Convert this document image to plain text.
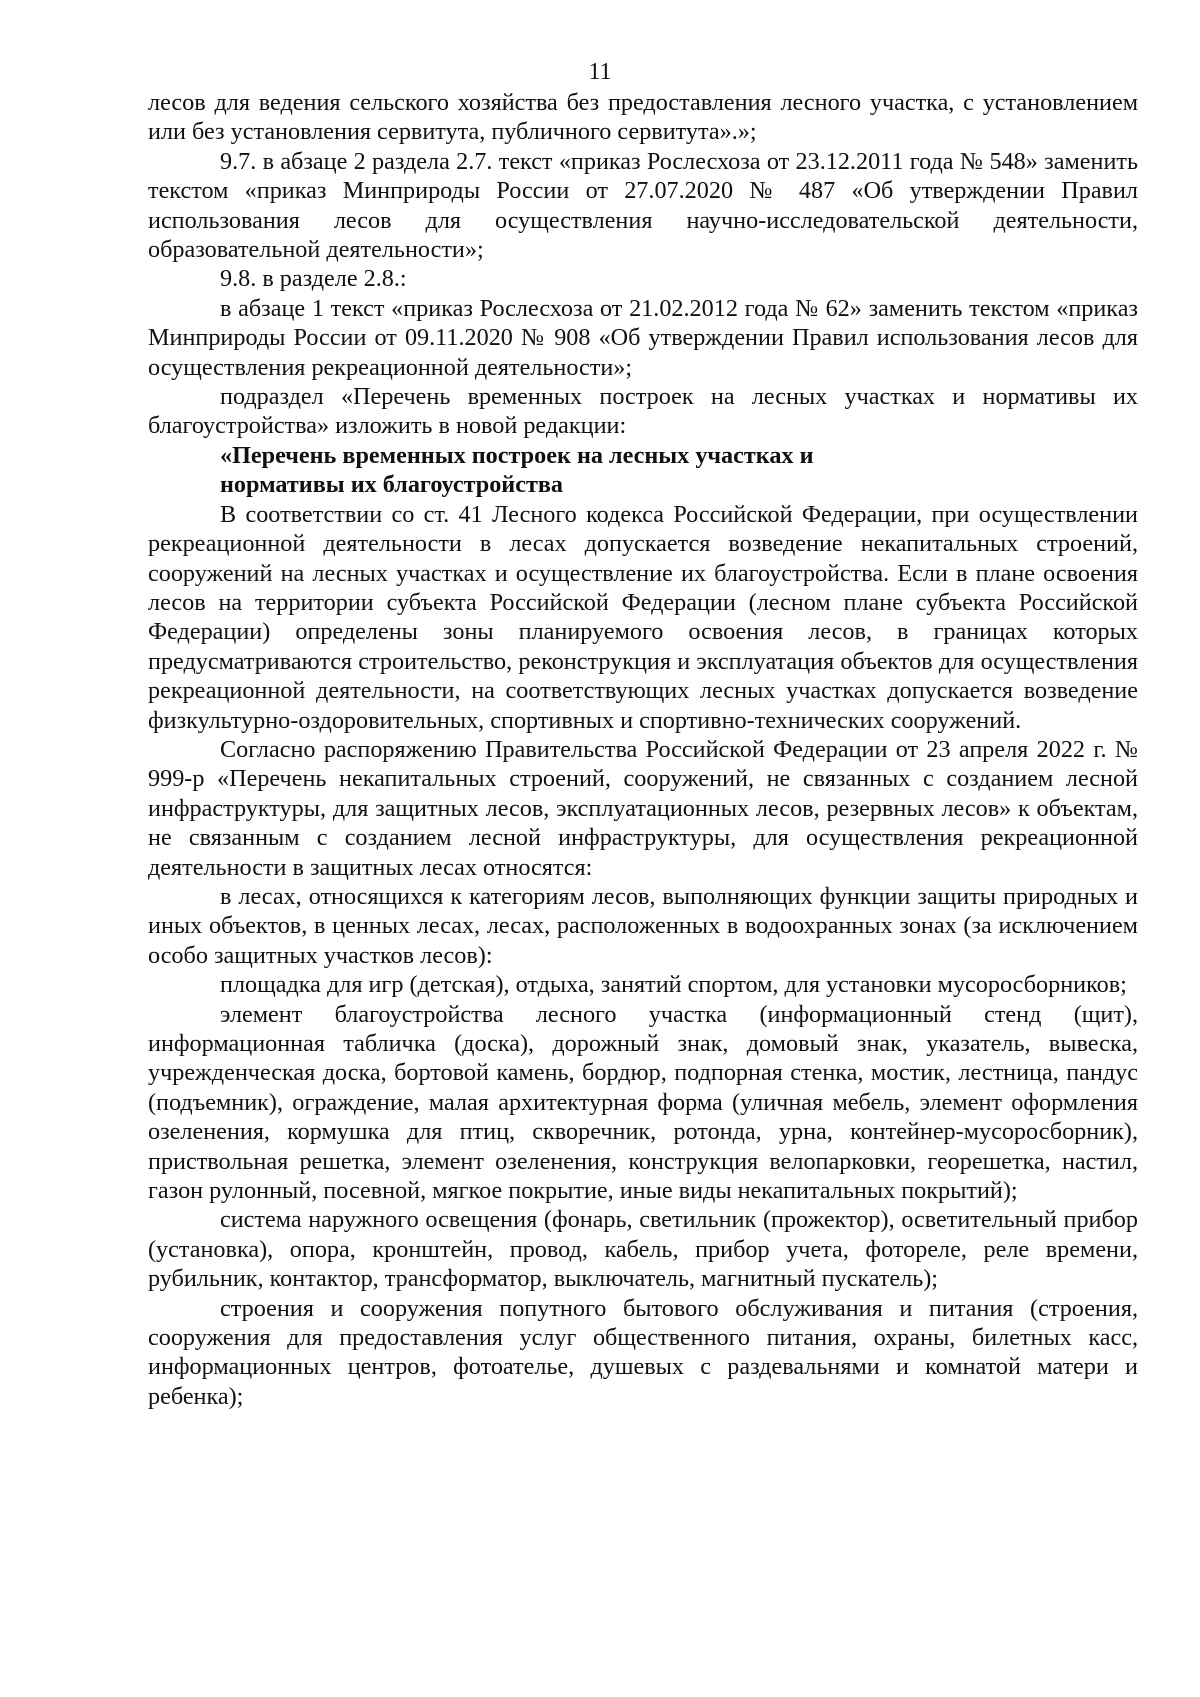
11

лесов для ведения сельского хозяйства без предоставления лесного участка, с установлением или без установления сервитута, публичного сервитута».»;

9.7. в абзаце 2 раздела 2.7. текст «приказ Рослесхоза от 23.12.2011 года № 548» заменить текстом «приказ Минприроды России от 27.07.2020 № 487 «Об утверждении Правил использования лесов для осуществления научно-исследовательской деятельности, образовательной деятельности»;

9.8. в разделе 2.8.:

в абзаце 1 текст «приказ Рослесхоза от 21.02.2012 года № 62» заменить текстом «приказ Минприроды России от 09.11.2020 № 908 «Об утверждении Правил использования лесов для осуществления рекреационной деятельности»;

подраздел «Перечень временных построек на лесных участках и нормативы их благоустройства» изложить в новой редакции:

«Перечень временных построек на лесных участках и
нормативы их благоустройства

В соответствии со ст. 41 Лесного кодекса Российской Федерации, при осуществлении рекреационной деятельности в лесах допускается возведение некапитальных строений, сооружений на лесных участках и осуществление их благоустройства. Если в плане освоения лесов на территории субъекта Российской Федерации (лесном плане субъекта Российской Федерации) определены зоны планируемого освоения лесов, в границах которых предусматриваются строительство, реконструкция и эксплуатация объектов для осуществления рекреационной деятельности, на соответствующих лесных участках допускается возведение физкультурно-оздоровительных, спортивных и спортивно-технических сооружений.

Согласно распоряжению Правительства Российской Федерации от 23 апреля 2022 г. № 999-р «Перечень некапитальных строений, сооружений, не связанных с созданием лесной инфраструктуры, для защитных лесов, эксплуатационных лесов, резервных лесов» к объектам, не связанным с созданием лесной инфраструктуры, для осуществления рекреационной деятельности в защитных лесах относятся:

в лесах, относящихся к категориям лесов, выполняющих функции защиты природных и иных объектов, в ценных лесах, лесах, расположенных в водоохранных зонах (за исключением особо защитных участков лесов):

площадка для игр (детская), отдыха, занятий спортом, для установки мусоросборников;

элемент благоустройства лесного участка (информационный стенд (щит), информационная табличка (доска), дорожный знак, домовый знак, указатель, вывеска, учрежденческая доска, бортовой камень, бордюр, подпорная стенка, мостик, лестница, пандус (подъемник), ограждение, малая архитектурная форма (уличная мебель, элемент оформления озеленения, кормушка для птиц, скворечник, ротонда, урна, контейнер-мусоросборник), приствольная решетка, элемент озеленения, конструкция велопарковки, георешетка, настил, газон рулонный, посевной, мягкое покрытие, иные виды некапитальных покрытий);

система наружного освещения (фонарь, светильник (прожектор), осветительный прибор (установка), опора, кронштейн, провод, кабель, прибор учета, фотореле, реле времени, рубильник, контактор, трансформатор, выключатель, магнитный пускатель);

строения и сооружения попутного бытового обслуживания и питания (строения, сооружения для предоставления услуг общественного питания, охраны, билетных касс, информационных центров, фотоателье, душевых с раздевальнями и комнатой матери и ребенка);
